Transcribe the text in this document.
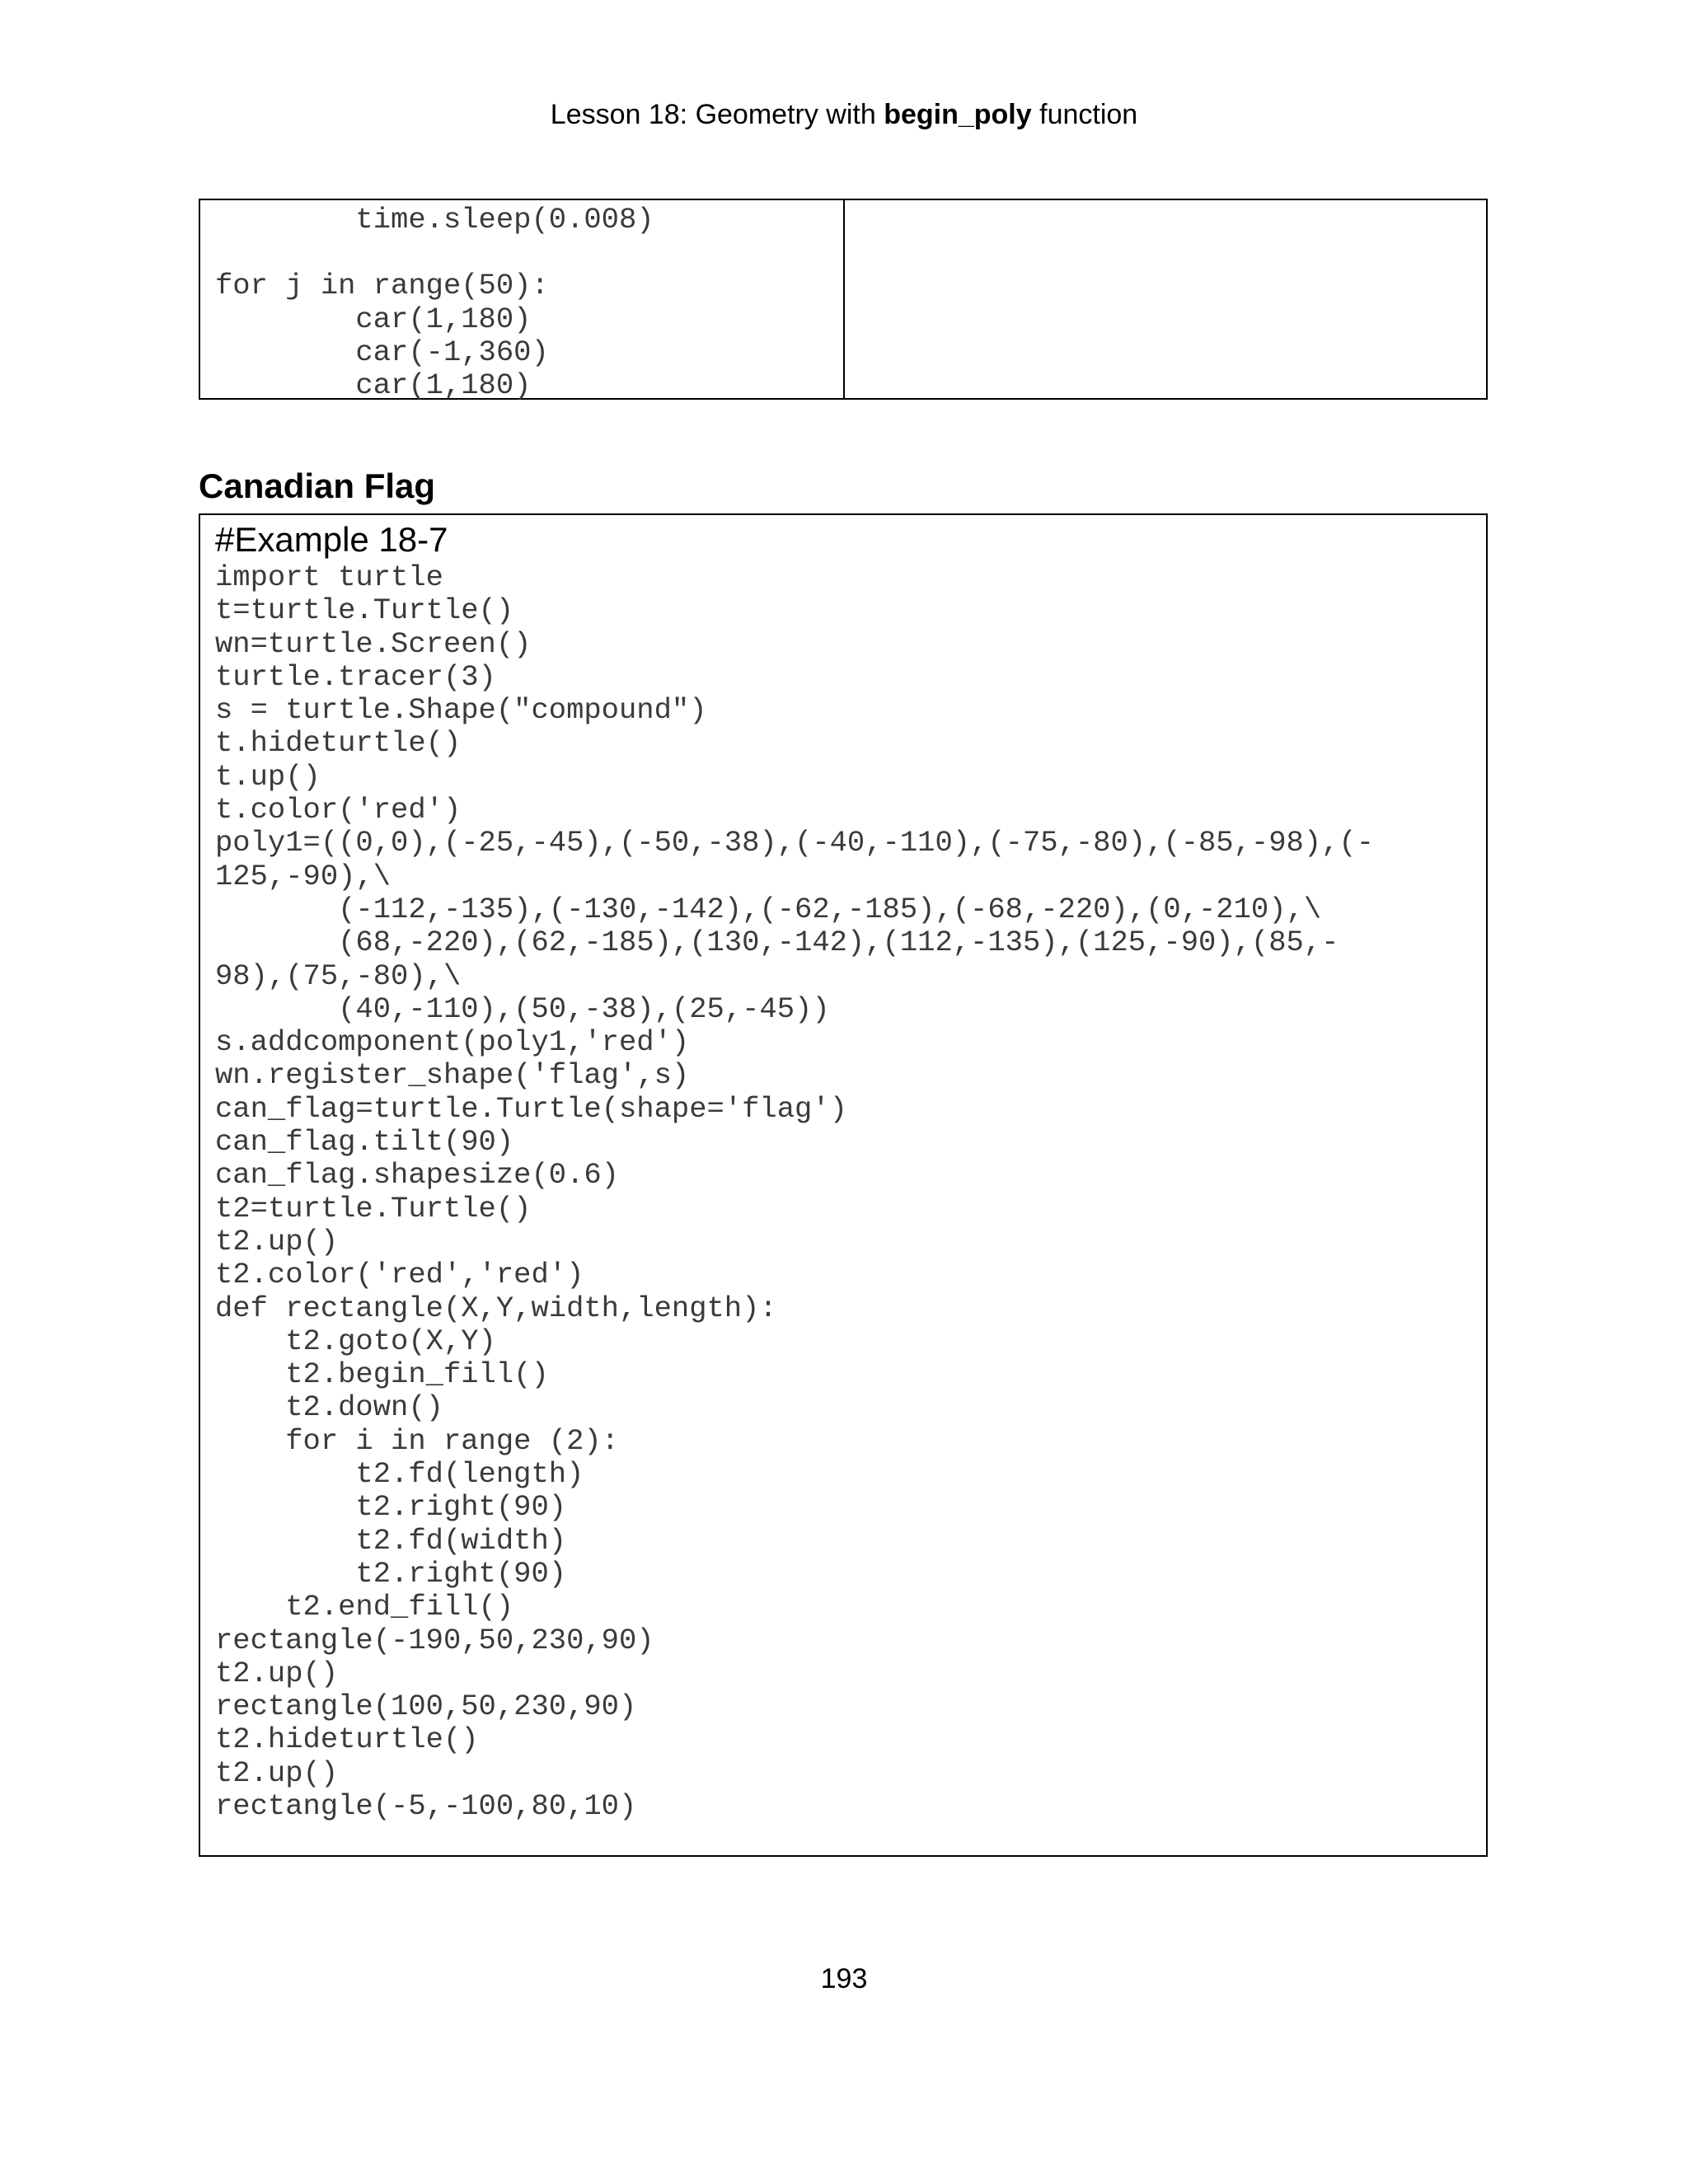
Lesson 18: Geometry with begin_poly function
time.sleep(0.008)
for j in range(50):
car(1,180)
car(-1,360)
car(1,180)
Canadian Flag
#Example 18-7
import turtle
t=turtle.Turtle()
wn=turtle.Screen()
turtle.tracer(3)
s = turtle.Shape("compound")
t.hideturtle()
t.up()
t.color('red')
poly1=((0,0),(-25,-45),(-50,-38),(-40,-110),(-75,-80),(-85,-98),(-
125,-90),\
(-112,-135),(-130,-142),(-62,-185),(-68,-220),(0,-210),\
(68,-220),(62,-185),(130,-142),(112,-135),(125,-90),(85,-
98),(75,-80),\
(40,-110),(50,-38),(25,-45))
s.addcomponent(poly1,'red')
wn.register_shape('flag',s)
can_flag=turtle.Turtle(shape='flag')
can_flag.tilt(90)
can_flag.shapesize(0.6)
t2=turtle.Turtle()
t2.up()
t2.color('red','red')
def rectangle(X,Y,width,length):
t2.goto(X,Y)
t2.begin_fill()
t2.down()
for i in range (2):
t2.fd(length)
t2.right(90)
t2.fd(width)
t2.right(90)
t2.end_fill()
rectangle(-190,50,230,90)
t2.up()
rectangle(100,50,230,90)
t2.hideturtle()
t2.up()
rectangle(-5,-100,80,10)
193
